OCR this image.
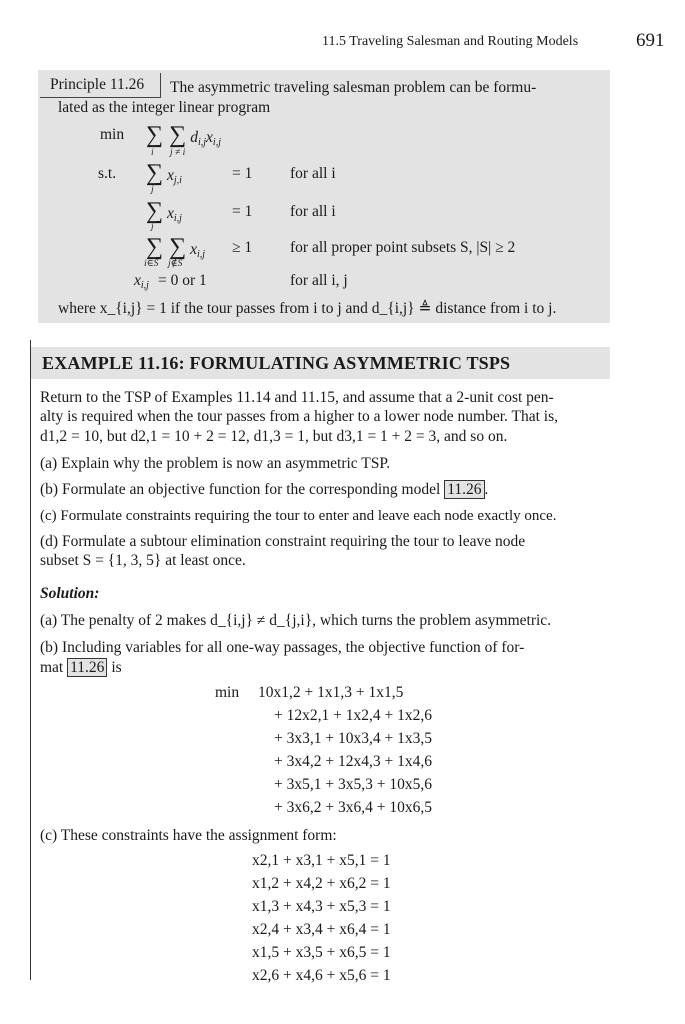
11.5 Traveling Salesman and Routing Models	691
Principle 11.26 The asymmetric traveling salesman problem can be formu-
lated as the integer linear program
min ∑ ∑ $d_{i,j}x_{i,j}$
i j ≠ i
s.t. ∑ $x_{j,i}$
j
= 1 for all i
∑ $x_{i,j}$
j
= 1 for all i
∑ ∑ $x_{i,j}$
i∈S j∉S
≥ 1 for all proper point subsets S, |S| ≥ 2
$x_{i,j} = 0$ or 1	for all i, j
where x_{i,j} = 1 if the tour passes from i to j and d_{i,j} ≜ distance from i to j.
EXAMPLE 11.16: FORMULATING ASYMMETRIC TSPS
Return to the TSP of Examples 11.14 and 11.15, and assume that a 2-unit cost pen-
alty is required when the tour passes from a higher to a lower node number. That is,
d1,2 = 10, but d2,1 = 10 + 2 = 12, d1,3 = 1, but d3,1 = 1 + 2 = 3, and so on.
(a) Explain why the problem is now an asymmetric TSP.
(b) Formulate an objective function for the corresponding model 11.26 .
(c) Formulate constraints requiring the tour to enter and leave each node exactly once.
(d) Formulate a subtour elimination constraint requiring the tour to leave node
subset S = {1, 3, 5} at least once.
Solution:
(a) The penalty of 2 makes d_{i,j} ≠ d_{j,i}, which turns the problem asymmetric.
(b) Including variables for all one-way passages, the objective function of for-
mat 11.26 is
min 10x1,2 + 1x1,3 + 1x1,5
+ 12x2,1 + 1x2,4 + 1x2,6
+ 3x3,1 + 10x3,4 + 1x3,5
+ 3x4,2 + 12x4,3 + 1x4,6
+ 3x5,1 + 3x5,3 + 10x5,6
+ 3x6,2 + 3x6,4 + 10x6,5
(c) These constraints have the assignment form:
x2,1 + x3,1 + x5,1 = 1
x1,2 + x4,2 + x6,2 = 1
x1,3 + x4,3 + x5,3 = 1
x2,4 + x3,4 + x6,4 = 1
x1,5 + x3,5 + x6,5 = 1
x2,6 + x4,6 + x5,6 = 1
